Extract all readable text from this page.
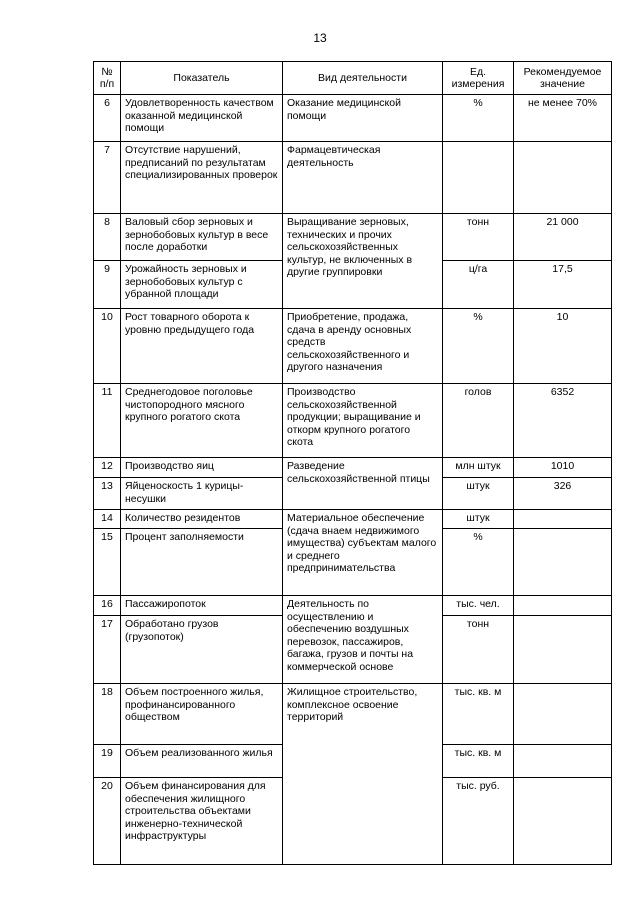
13
№ п/п	Показатель	Вид деятельности	Ед. измерения	Рекомендуемое значение
6	Удовлетворенность качеством оказанной медицинской помощи	Оказание медицинской помощи	%	не менее 70%
7	Отсутствие нарушений, предписаний по результатам специализированных проверок	Фармацевтическая деятельность		
8	Валовый сбор зерновых и зернобобовых культур в весе после доработки	Выращивание зерновых, технических и прочих сельскохозяйственных культур, не включенных в другие группировки	тонн	21 000
9	Урожайность зерновых и зернобобовых культур с убранной площади		ц/га	17,5
10	Рост товарного оборота к уровню предыдущего года	Приобретение, продажа, сдача в аренду основных средств сельскохозяйственного и другого назначения	%	10
11	Среднегодовое поголовье чистопородного мясного крупного рогатого скота	Производство сельскохозяйственной продукции; выращивание и откорм крупного рогатого скота	голов	6352
12	Производство яиц	Разведение сельскохозяйственной птицы	млн штук	1010
13	Яйценоскость 1 курицы-несушки		штук	326
14	Количество резидентов	Материальное обеспечение (сдача внаем недвижимого имущества) субъектам малого и среднего предпринимательства	штук	
15	Процент заполняемости		%	
16	Пассажиропоток	Деятельность по осуществлению и обеспечению воздушных перевозок, пассажиров, багажа, грузов и почты на коммерческой основе	тыс. чел.	
17	Обработано грузов (грузопоток)		тонн	
18	Объем построенного жилья, профинансированного обществом	Жилищное строительство, комплексное освоение территорий	тыс. кв. м	
19	Объем реализованного жилья		тыс. кв. м	
20	Объем финансирования для обеспечения жилищного строительства объектами инженерно-технической инфраструктуры		тыс. руб.	
